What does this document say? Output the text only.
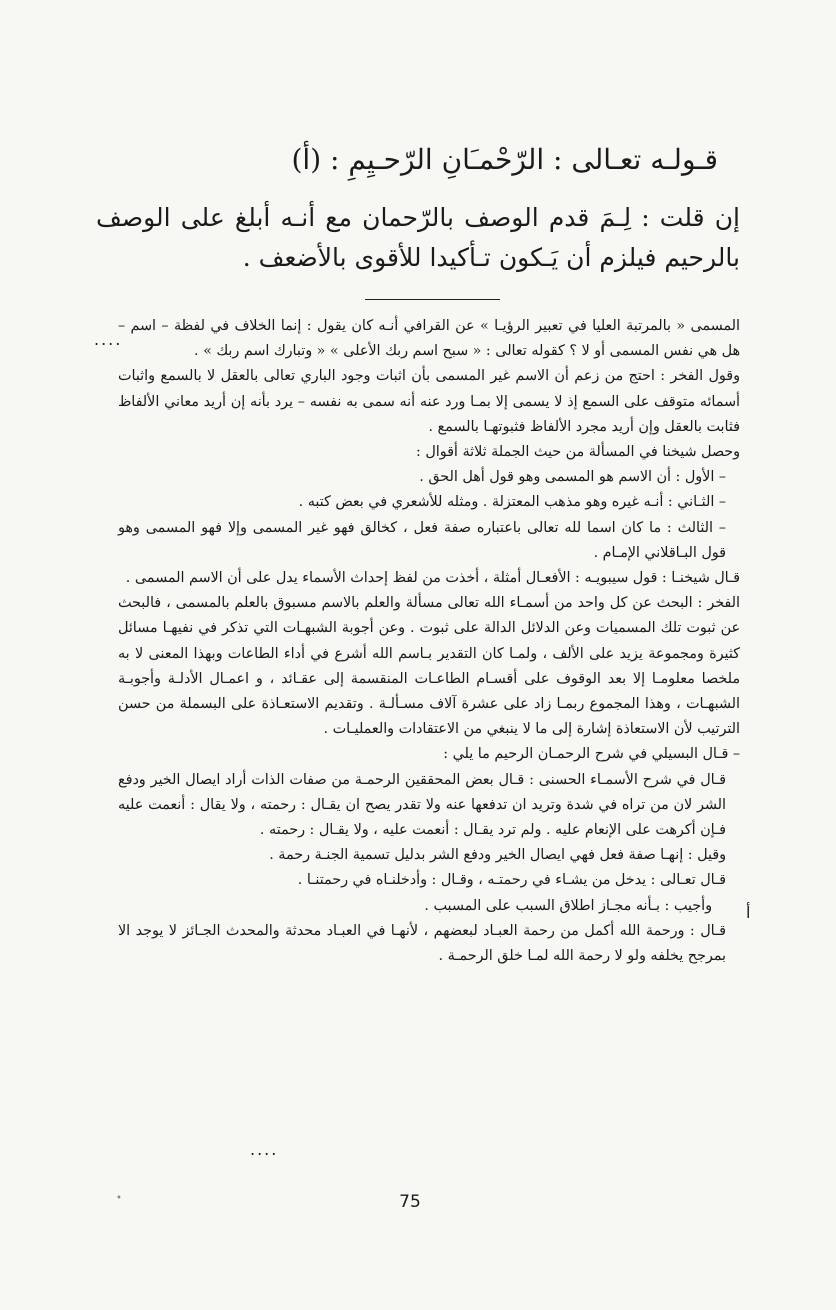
قـولـه تعـالى : الرّحْمـَانِ الرّحـيِمِ : (أ)

إن قلت : لِـمَ قدم الوصف بالرّحمان مع أنـه أبلغ على الوصف بالرحيم فيلزم أن يَـكون تـأكيدا للأقوى بالأضعف .

....

المسمى « بالمرتبة العليا في تعبير الرؤيـا » عن القرافي أنـه كان يقول : إنما الخلاف في لفظة – اسم – هل هي نفس المسمى أو لا ؟ كقوله تعالى : « سبح اسم ربك الأعلى » « وتبارك اسم ربك » .

وقول الفخر : احتج من زعم أن الاسم غير المسمى بأن اثبات وجود الباري تعالى بالعقل لا بالسمع واثبات أسمائه متوقف على السمع إذ لا يسمى إلا بمـا ورد عنه أنه سمى به نفسه – يرد بأنه إن أريد معاني الألفاظ فثابت بالعقل وإن أريد مجرد الألفاظ فثبوتهـا بالسمع .

وحصل شيخنا في المسألة من حيث الجملة ثلاثة أقوال :

– الأول : أن الاسم هو المسمى وهو قول أهل الحق .

– الثـاني : أنـه غيره وهو مذهب المعتزلة . ومثله للأشعري في بعض كتبه .

– الثالث : ما كان اسما لله تعالى باعتباره صفة فعل ، كخالق فهو غير المسمى وإلا فهو المسمى وهو قول البـاقلاني الإمـام .

قـال شيخنـا : قول سيبويـه : الأفعـال أمثلة ، أخذت من لفظ إحداث الأسماء يدل على أن الاسم المسمى .

الفخر : البحث عن كل واحد من أسمـاء الله تعالى مسألة والعلم بالاسم مسبوق بالعلم بالمسمى ، فالبحث عن ثبوت تلك المسميات وعن الدلائل الدالة على ثبوت . وعن أجوبة الشبهـات التي تذكر في نفيهـا مسائل كثيرة ومجموعة يزيد على الألف ، ولمـا كان التقدير بـاسم الله أشرع في أداء الطاعات وبهذا المعنى لا به ملخصا معلومـا إلا بعد الوقوف على أقسـام الطاعـات المنقسمة إلى عقـائد ، و اعمـال الأدلـة وأجوبـة الشبهـات ، وهذا المجموع ربمـا زاد على عشرة آلاف مسـألـة . وتقديم الاستعـاذة على البسملة من حسن الترتيب لأن الاستعاذة إشارة إلى ما لا ينبغي من الاعتقادات والعمليـات .

– قـال البسيلي في شرح الرحمـان الرحيم ما يلي :

قـال في شرح الأسمـاء الحسنى : قـال بعض المحققين الرحمـة من صفات الذات أراد ايصال الخير ودفع الشر لان من تراه في شدة وتريد ان تدفعها عنه ولا تقدر يصح ان يقـال : رحمته ، ولا يقال : أنعمت عليه فـإن أكرهت على الإنعام عليه . ولم ترد يقـال : أنعمت عليه ، ولا يقـال : رحمته .

وقيل : إنهـا صفة فعل فهي ايصال الخير ودفع الشر بدليل تسمية الجنـة رحمة .

قـال تعـالى : يدخل من يشـاء في رحمتـه ، وقـال : وأدخلنـاه في رحمتنـا .

وأجيب : بـأنه مجـاز اطلاق السبب على المسبب .

قـال : ورحمة الله أكمل من رحمة العبـاد لبعضهم ، لأنهـا في العبـاد محدثة والمحدث الجـائز لا يوجد الا بمرجح يخلفه ولو لا رحمة الله لمـا خلق الرحمـة .

أ
....
75
•
